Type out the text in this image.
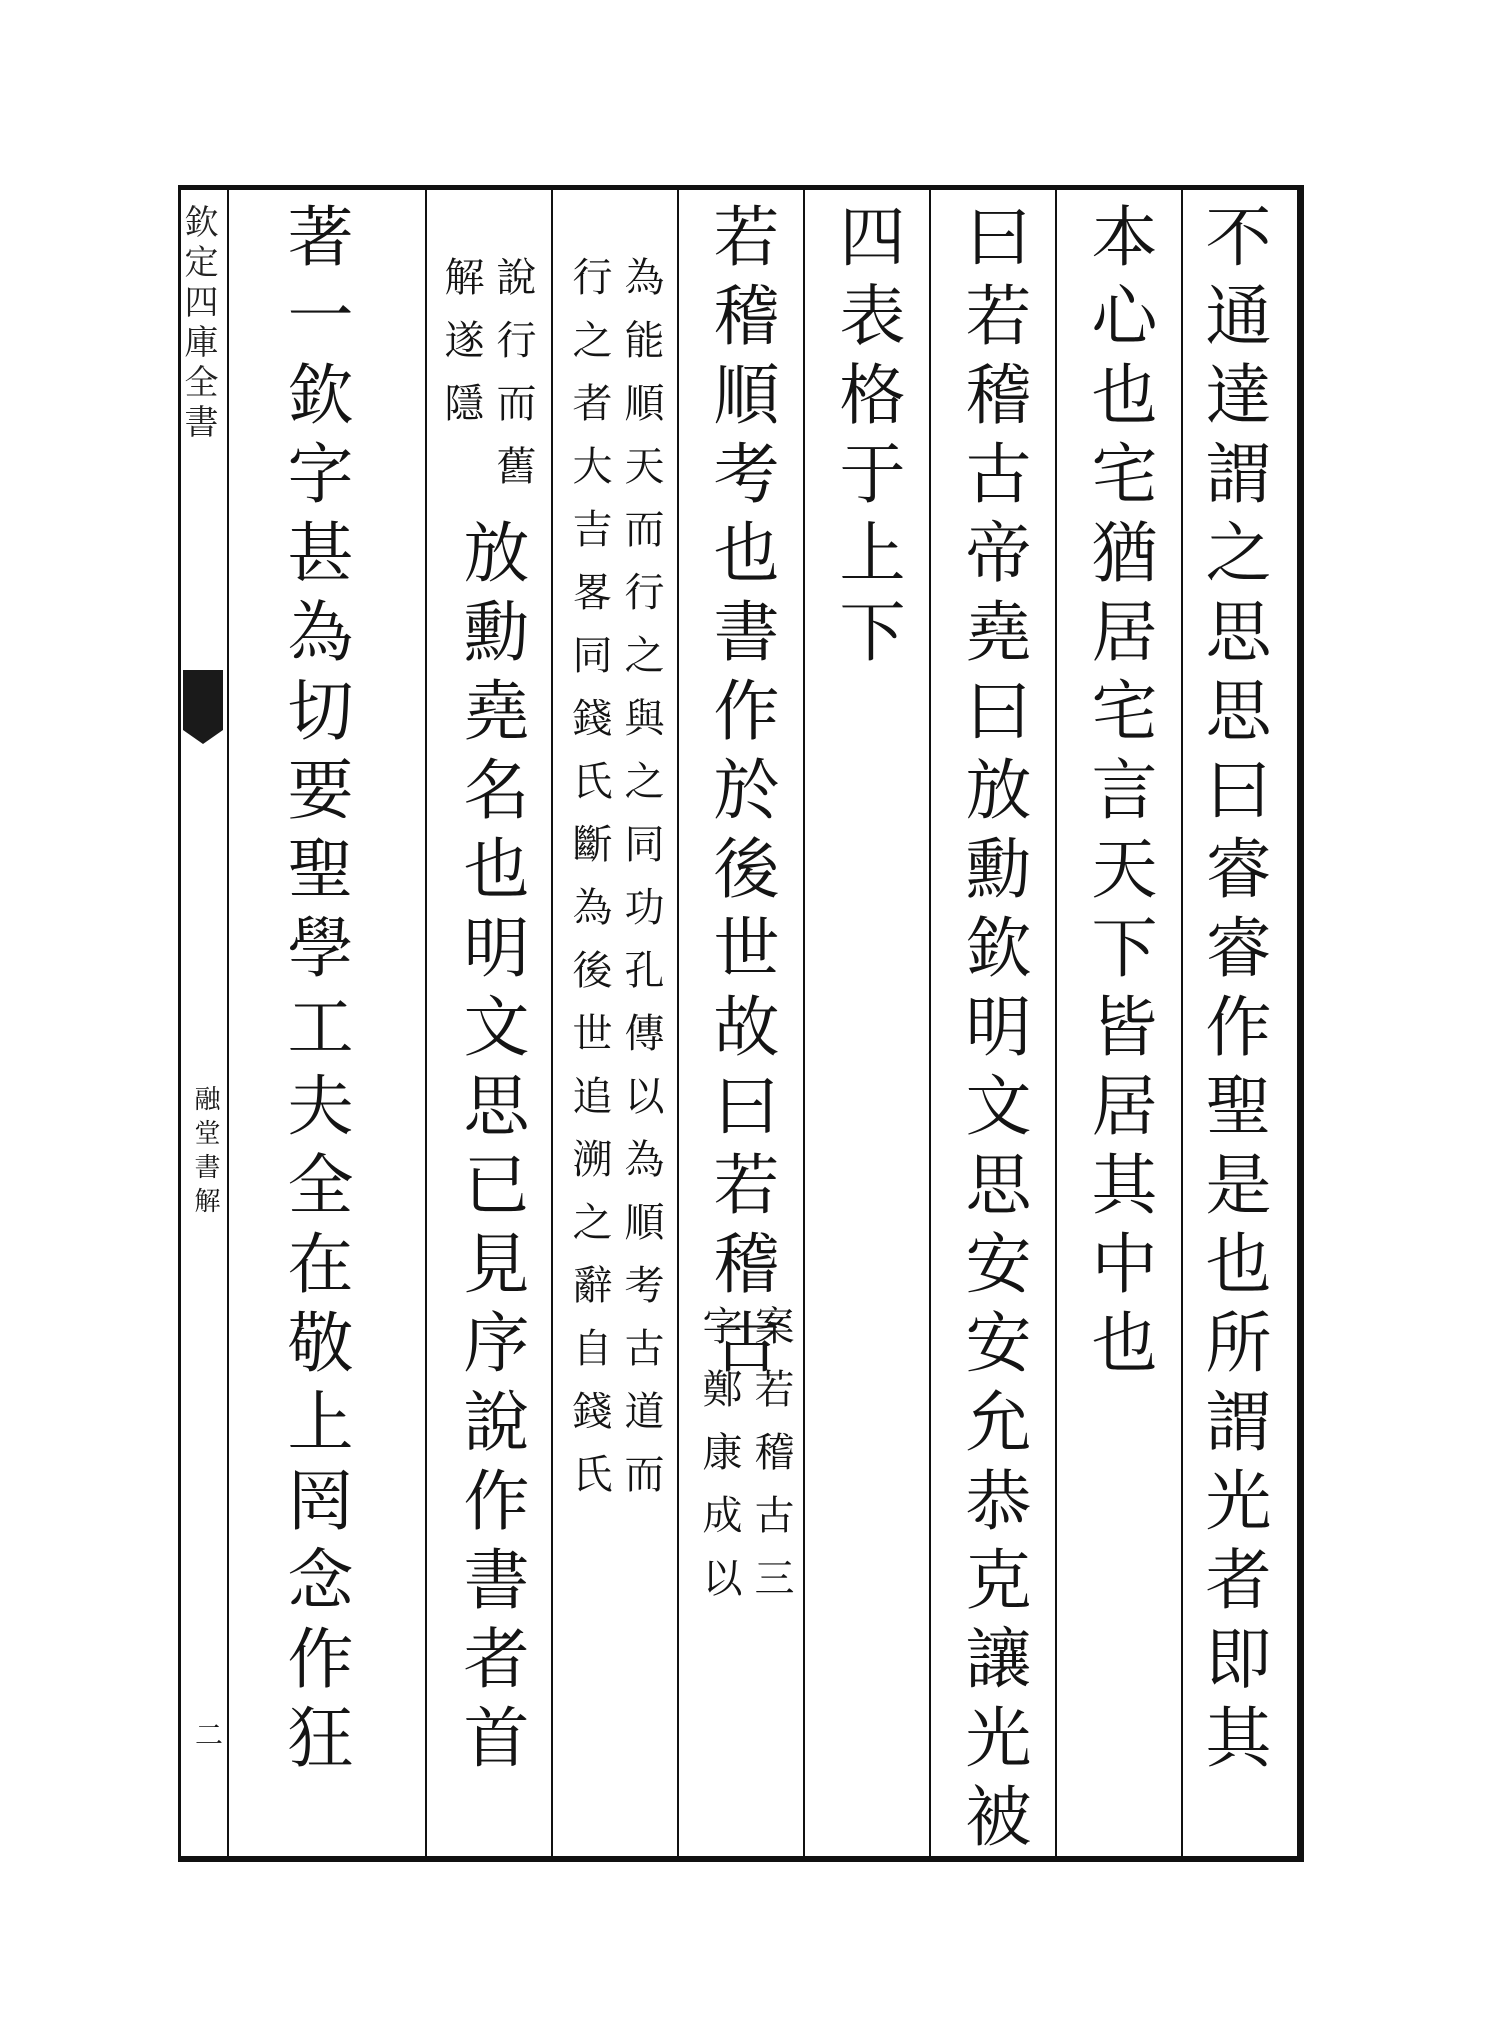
欽定四庫全書
融堂書解
二	不通達謂之思思曰睿睿作聖是也所謂光者即其
本心也宅猶居宅言天下皆居其中也
曰若稽古帝堯曰放勳欽明文思安安允恭克讓光被
四表格于上下
若稽順考也書作於後世故曰若稽古
案若稽古三
字鄭康成以
為能順天而行之與之同功孔傳以為順考古道而
行之者大吉畧同錢氏斷為後世追溯之辭自錢氏
說行而舊
解遂隱
放勳堯名也明文思已見序說作書者首
著一欽字甚為切要聖學工夫全在敬上罔念作狂
